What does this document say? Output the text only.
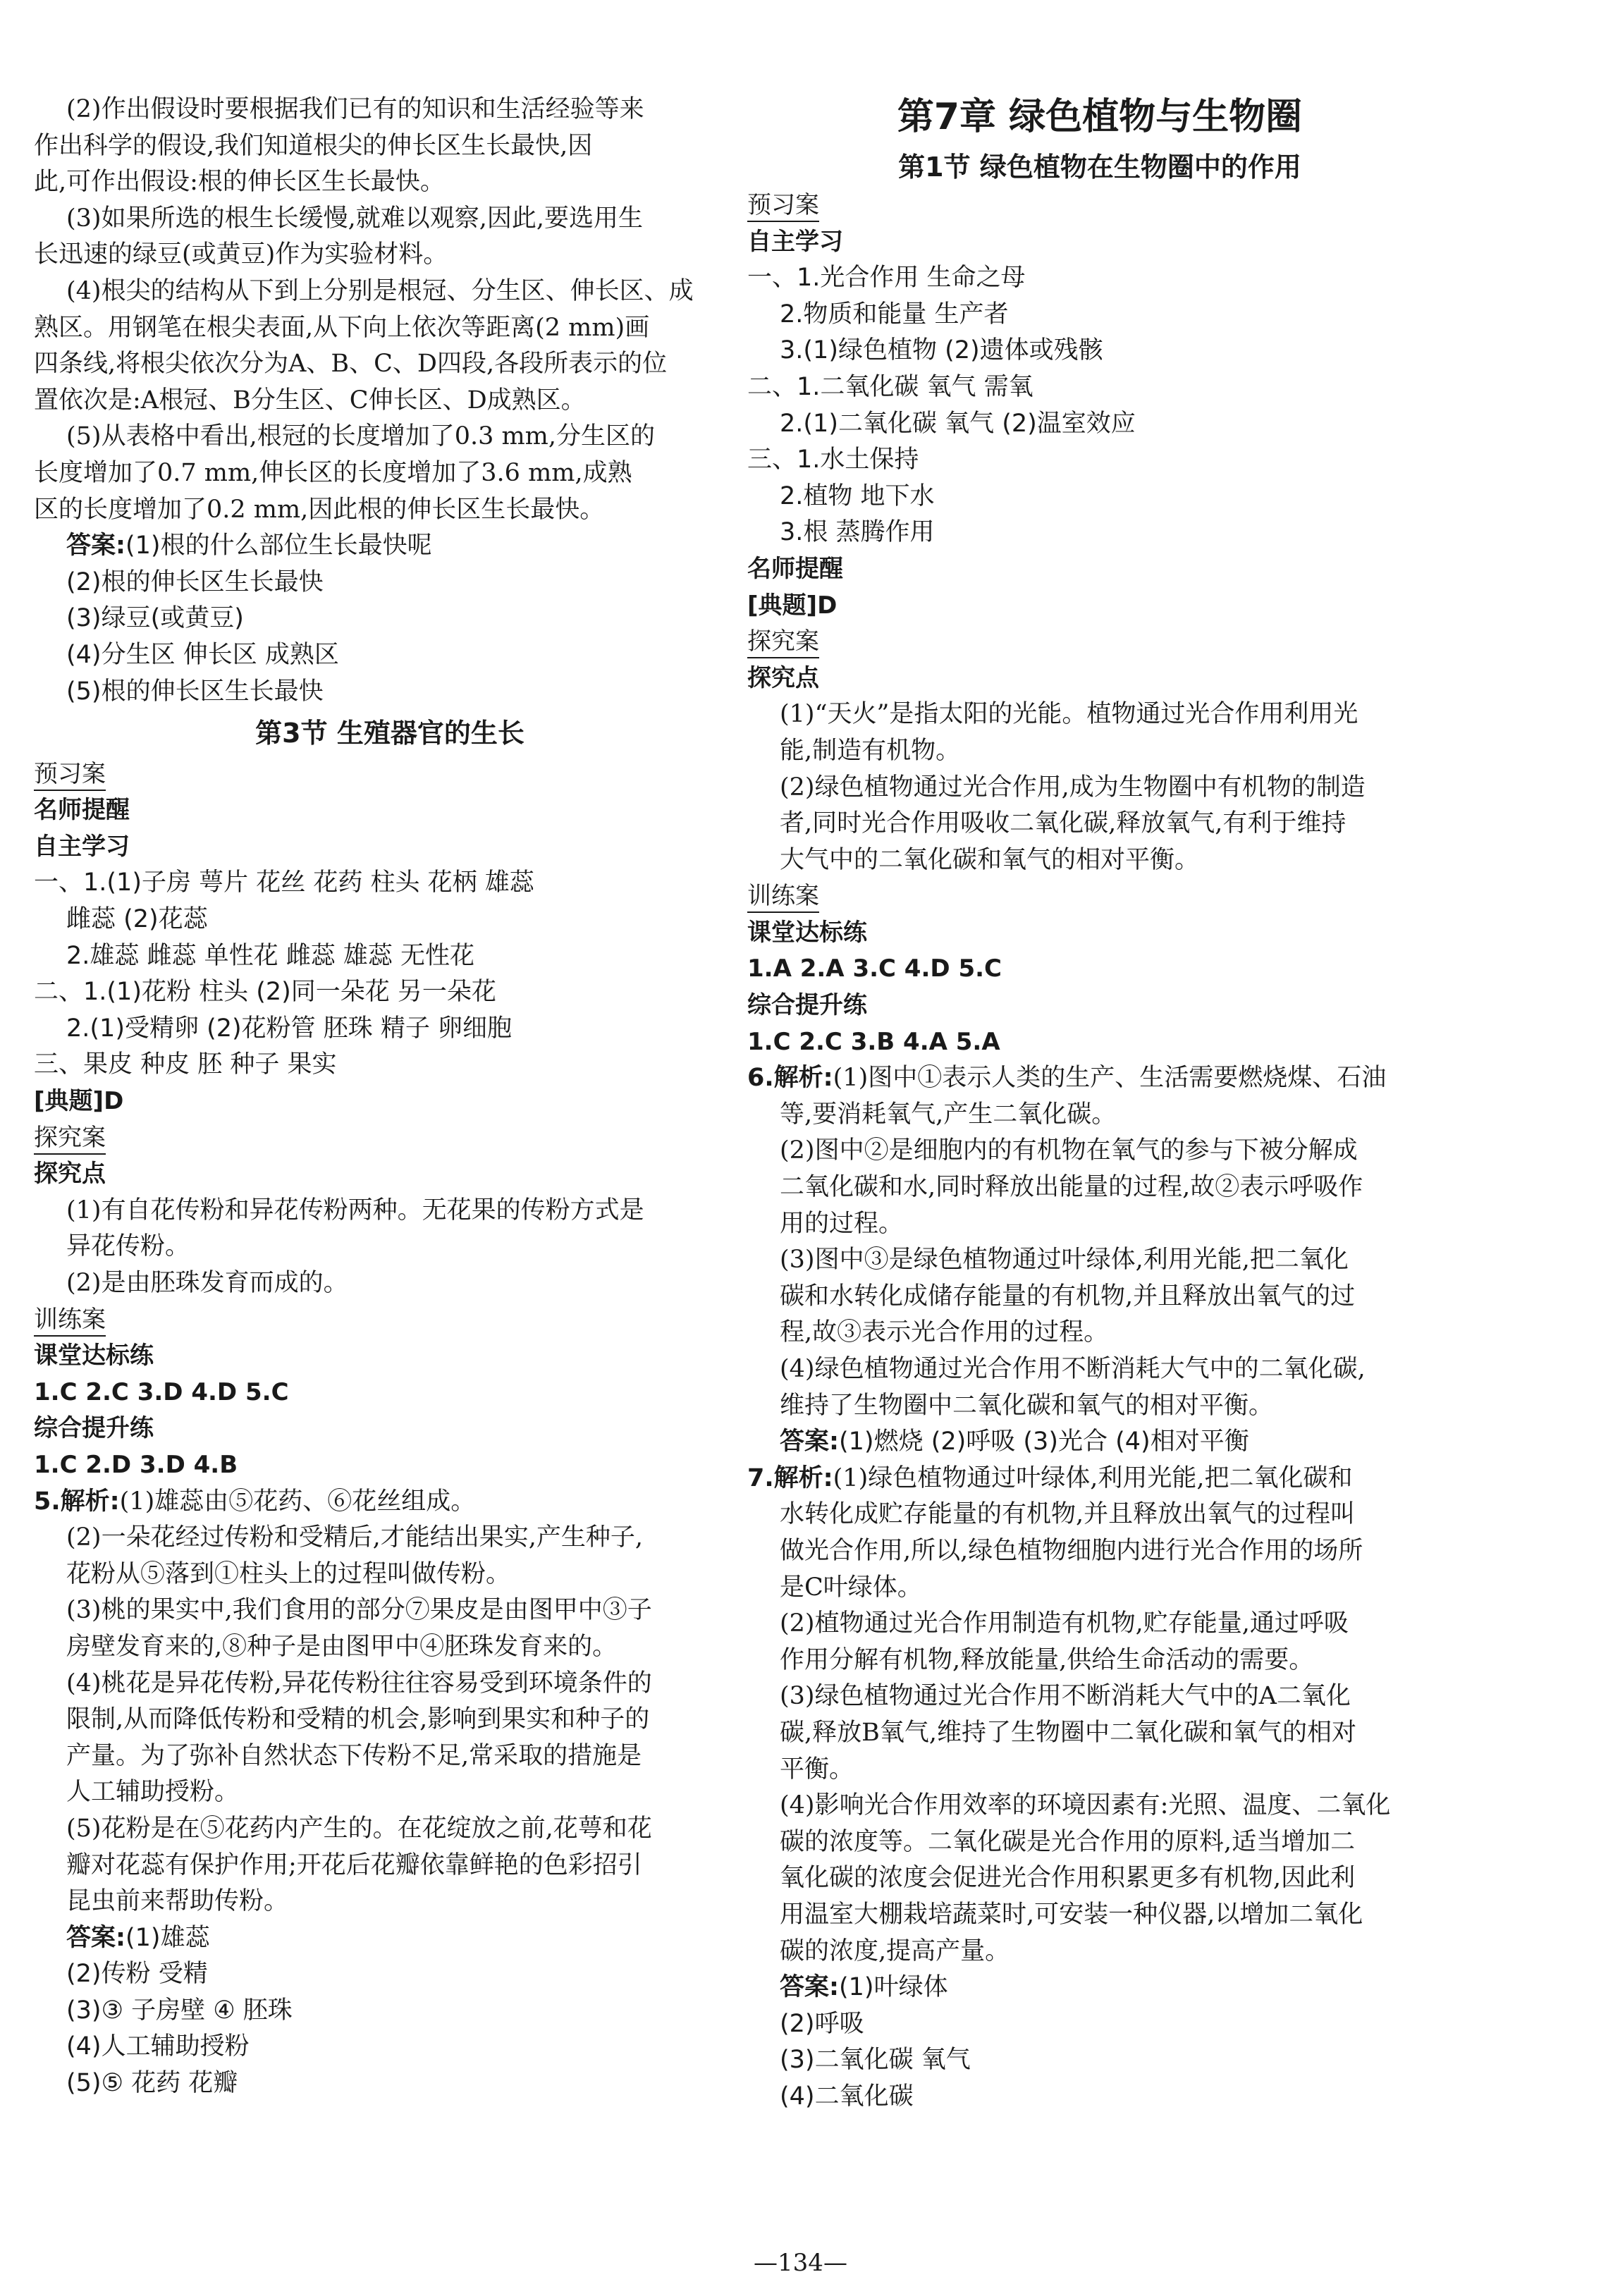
(2)作出假设时要根据我们已有的知识和生活经验等来
作出科学的假设,我们知道根尖的伸长区生长最快,因
此,可作出假设:根的伸长区生长最快。
(3)如果所选的根生长缓慢,就难以观察,因此,要选用生
长迅速的绿豆(或黄豆)作为实验材料。
(4)根尖的结构从下到上分别是根冠、分生区、伸长区、成
熟区。用钢笔在根尖表面,从下向上依次等距离(2 mm)画
四条线,将根尖依次分为A、B、C、D四段,各段所表示的位
置依次是:A根冠、B分生区、C伸长区、D成熟区。
(5)从表格中看出,根冠的长度增加了0.3 mm,分生区的
长度增加了0.7 mm,伸长区的长度增加了3.6 mm,成熟
区的长度增加了0.2 mm,因此根的伸长区生长最快。
答案:(1)根的什么部位生长最快呢
(2)根的伸长区生长最快
(3)绿豆(或黄豆)
(4)分生区 伸长区 成熟区
(5)根的伸长区生长最快
第3节 生殖器官的生长
预习案
名师提醒
自主学习
一、1.(1)子房 萼片 花丝 花药 柱头 花柄 雄蕊
雌蕊 (2)花蕊
2.雄蕊 雌蕊 单性花 雌蕊 雄蕊 无性花
二、1.(1)花粉 柱头 (2)同一朵花 另一朵花
2.(1)受精卵 (2)花粉管 胚珠 精子 卵细胞
三、果皮 种皮 胚 种子 果实
[典题]D
探究案
探究点
(1)有自花传粉和异花传粉两种。无花果的传粉方式是
异花传粉。
(2)是由胚珠发育而成的。
训练案
课堂达标练
1.C 2.C 3.D 4.D 5.C
综合提升练
1.C 2.D 3.D 4.B
5.解析:(1)雄蕊由⑤花药、⑥花丝组成。
(2)一朵花经过传粉和受精后,才能结出果实,产生种子,
花粉从⑤落到①柱头上的过程叫做传粉。
(3)桃的果实中,我们食用的部分⑦果皮是由图甲中③子
房壁发育来的,⑧种子是由图甲中④胚珠发育来的。
(4)桃花是异花传粉,异花传粉往往容易受到环境条件的
限制,从而降低传粉和受精的机会,影响到果实和种子的
产量。为了弥补自然状态下传粉不足,常采取的措施是
人工辅助授粉。
(5)花粉是在⑤花药内产生的。在花绽放之前,花萼和花
瓣对花蕊有保护作用;开花后花瓣依靠鲜艳的色彩招引
昆虫前来帮助传粉。
答案:(1)雄蕊
(2)传粉 受精
(3)③ 子房壁 ④ 胚珠
(4)人工辅助授粉
(5)⑤ 花药 花瓣
第7章 绿色植物与生物圈
第1节 绿色植物在生物圈中的作用
预习案
自主学习
一、1.光合作用 生命之母
2.物质和能量 生产者
3.(1)绿色植物 (2)遗体或残骸
二、1.二氧化碳 氧气 需氧
2.(1)二氧化碳 氧气 (2)温室效应
三、1.水土保持
2.植物 地下水
3.根 蒸腾作用
名师提醒
[典题]D
探究案
探究点
(1)“天火”是指太阳的光能。植物通过光合作用利用光
能,制造有机物。
(2)绿色植物通过光合作用,成为生物圈中有机物的制造
者,同时光合作用吸收二氧化碳,释放氧气,有利于维持
大气中的二氧化碳和氧气的相对平衡。
训练案
课堂达标练
1.A 2.A 3.C 4.D 5.C
综合提升练
1.C 2.C 3.B 4.A 5.A
6.解析:(1)图中①表示人类的生产、生活需要燃烧煤、石油
等,要消耗氧气,产生二氧化碳。
(2)图中②是细胞内的有机物在氧气的参与下被分解成
二氧化碳和水,同时释放出能量的过程,故②表示呼吸作
用的过程。
(3)图中③是绿色植物通过叶绿体,利用光能,把二氧化
碳和水转化成储存能量的有机物,并且释放出氧气的过
程,故③表示光合作用的过程。
(4)绿色植物通过光合作用不断消耗大气中的二氧化碳,
维持了生物圈中二氧化碳和氧气的相对平衡。
答案:(1)燃烧 (2)呼吸 (3)光合 (4)相对平衡
7.解析:(1)绿色植物通过叶绿体,利用光能,把二氧化碳和
水转化成贮存能量的有机物,并且释放出氧气的过程叫
做光合作用,所以,绿色植物细胞内进行光合作用的场所
是C叶绿体。
(2)植物通过光合作用制造有机物,贮存能量,通过呼吸
作用分解有机物,释放能量,供给生命活动的需要。
(3)绿色植物通过光合作用不断消耗大气中的A二氧化
碳,释放B氧气,维持了生物圈中二氧化碳和氧气的相对
平衡。
(4)影响光合作用效率的环境因素有:光照、温度、二氧化
碳的浓度等。二氧化碳是光合作用的原料,适当增加二
氧化碳的浓度会促进光合作用积累更多有机物,因此利
用温室大棚栽培蔬菜时,可安装一种仪器,以增加二氧化
碳的浓度,提高产量。
答案:(1)叶绿体
(2)呼吸
(3)二氧化碳 氧气
(4)二氧化碳
—134—
